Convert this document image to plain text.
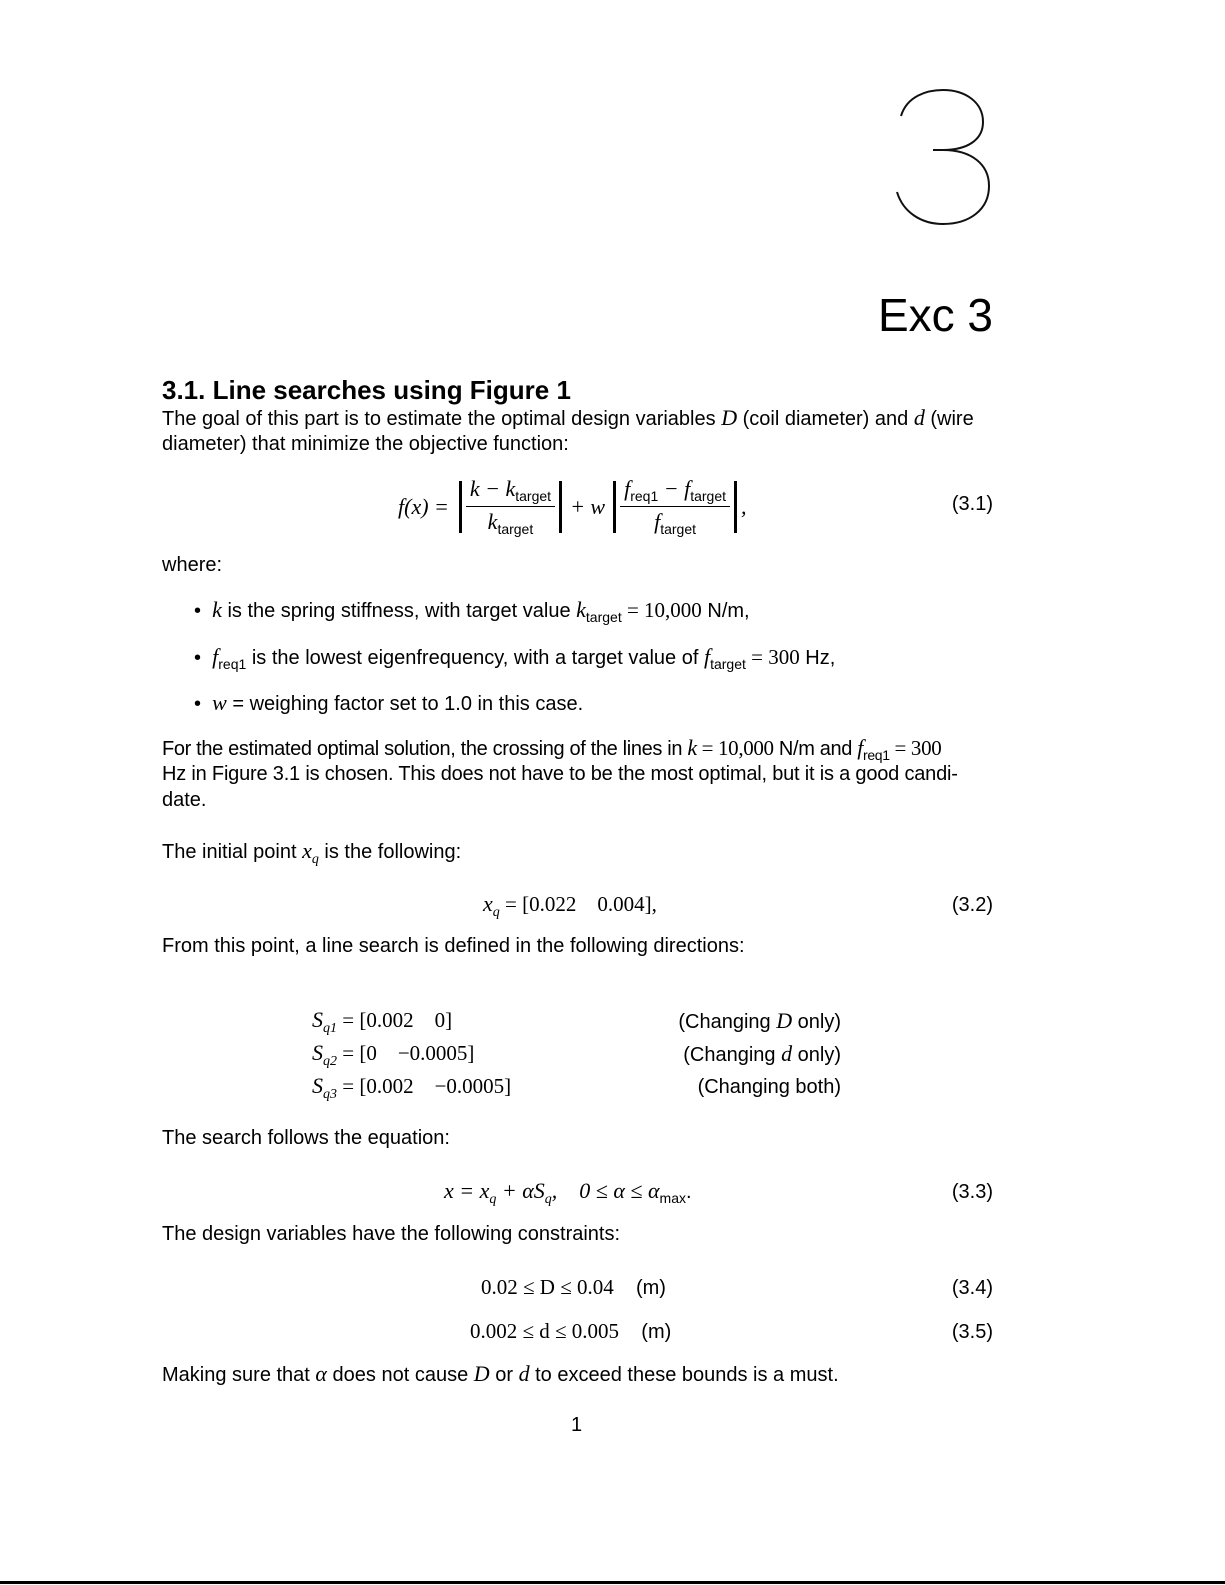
Exc 3
3.1. Line searches using Figure 1
The goal of this part is to estimate the optimal design variables D (coil diameter) and d (wire
diameter) that minimize the objective function:
$f(x) = \frac{k - k_{target}}{k_{target}} + w \frac{f_{req1} - f_{target}}{f_{target}}$ ,	(3.1)
where:
•  k is the spring stiffness, with target value $k_{target} = 10,000$ N/m,
•  $f_{req1}$ is the lowest eigenfrequency, with a target value of $f_{target} = 300$ Hz,
•  w = weighing factor set to 1.0 in this case.
For the estimated optimal solution, the crossing of the lines in k = 10,000 N/m and $f_{req1} = 300$
Hz in Figure 3.1 is chosen. This does not have to be the most optimal, but it is a good candi-
date.
The initial point $x_q$ is the following:
$x_q = [0.022$    0.004],	(3.2)
From this point, a line search is defined in the following directions:
$S_{q1} = [0.002$    0]	(Changing D only)
$S_{q2} = [0$    −0.0005]	(Changing d only)
$S_{q3} = [0.002$    −0.0005]	(Changing both)
The search follows the equation:
$x = x_q + \alpha S_q$,    $0 \le \alpha \le \alpha_{max}$.	(3.3)
The design variables have the following constraints:
0.02 ≤ D ≤ 0.04 (m)	(3.4)
0.002 ≤ d ≤ 0.005 (m)	(3.5)
Making sure that α does not cause D or d to exceed these bounds is a must.
1
